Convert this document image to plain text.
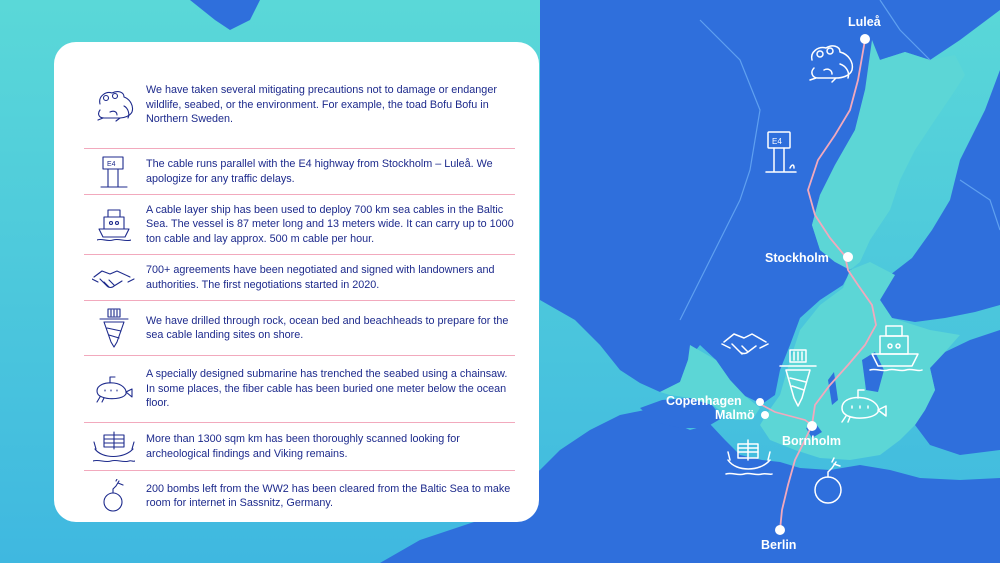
Luleå
Stockholm
Copenhagen
Malmö
Bornholm
Berlin
E4

We have taken several mitigating precautions not to damage or endanger wildlife, seabed, or the environment. For example, the toad Bofu Bofu in Northern Sweden.

E4	The cable runs parallel with the E4 highway from Stockholm – Luleå. We apologize for any traffic delays.

A cable layer ship has been used to deploy 700 km sea cables in the Baltic Sea. The vessel is 87 meter long and 13 meters wide. It can carry up to 1000 ton cable and lay approx. 500 m cable per hour.

700+ agreements have been negotiated and signed with landowners and authorities. The first negotiations started in 2020.

We have drilled through rock, ocean bed and beachheads to prepare for the sea cable landing sites on shore.

A specially designed submarine has trenched the seabed using a chainsaw. In some places, the fiber cable has been buried one meter below the ocean floor.

More than 1300 sqm km has been thoroughly scanned looking for archeological findings and Viking remains.

200 bombs left from the WW2 has been cleared from the Baltic Sea to make room for internet in Sassnitz, Germany.
